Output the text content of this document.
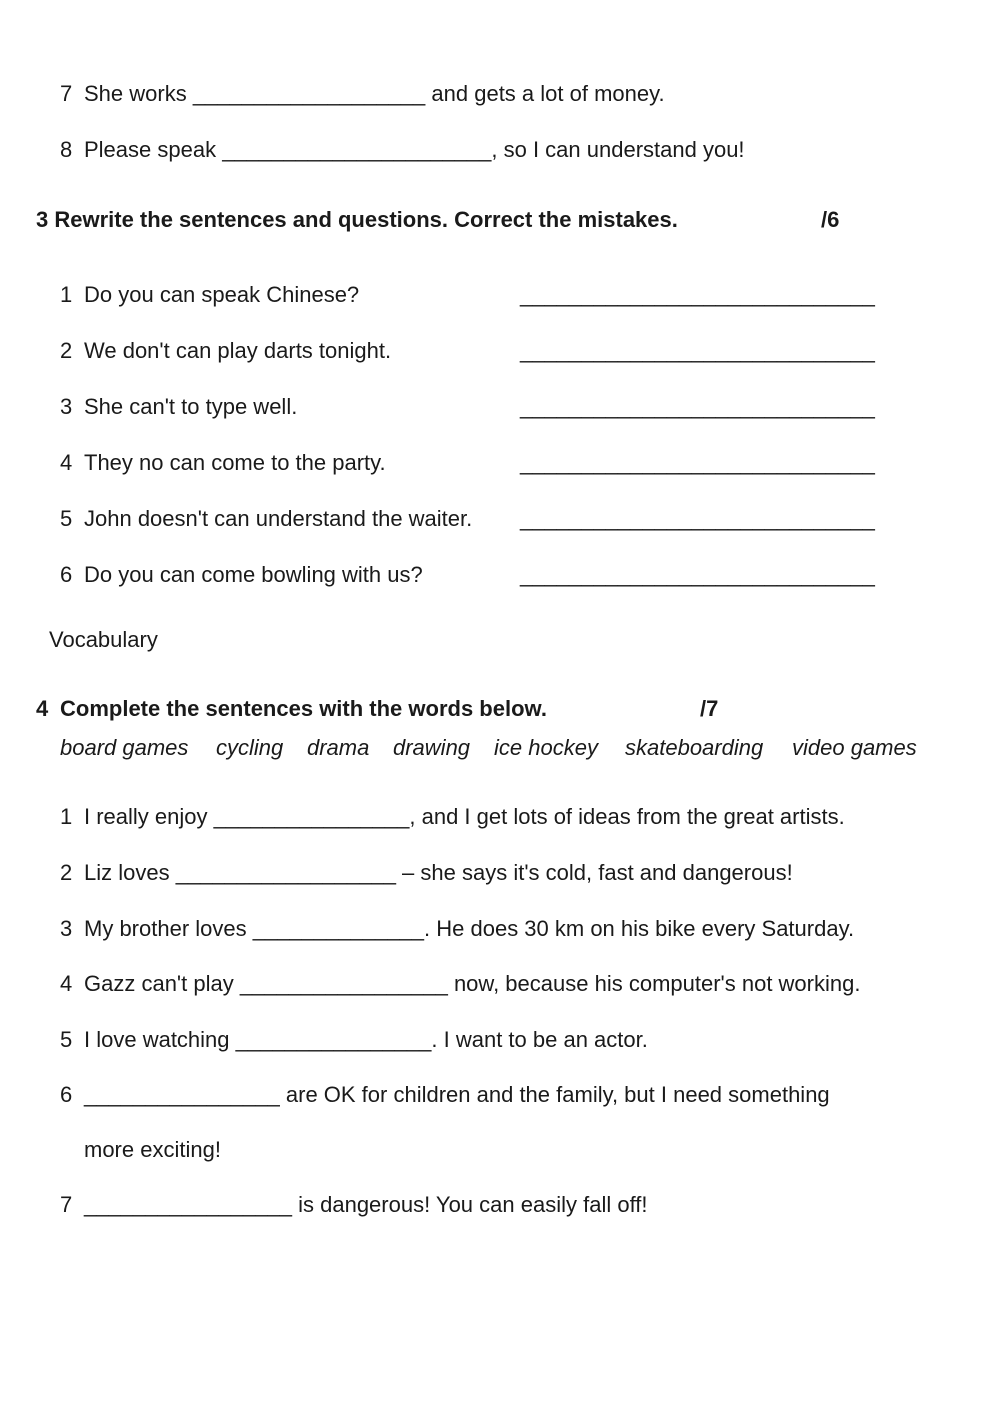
7 She works ___________________ and gets a lot of money.
8 Please speak ______________________, so I can understand you!
3 Rewrite the sentences and questions. Correct the mistakes.	/6
1 Do you can speak Chinese?	_____________________________
2 We don't can play darts tonight.	_____________________________
3 She can't to type well.	_____________________________
4 They no can come to the party.	_____________________________
5 John doesn't can understand the waiter. _____________________________
6 Do you can come bowling with us?	_____________________________
Vocabulary
4 Complete the sentences with the words below.	/7
board games cycling drama drawing ice hockey skateboarding video games
1 I really enjoy ________________, and I get lots of ideas from the great artists.
2 Liz loves __________________ – she says it's cold, fast and dangerous!
3 My brother loves ______________. He does 30 km on his bike every Saturday.
4 Gazz can't play _________________ now, because his computer's not working.
5 I love watching ________________. I want to be an actor.
6 ________________ are OK for children and the family, but I need something
more exciting!
7 _________________ is dangerous! You can easily fall off!
